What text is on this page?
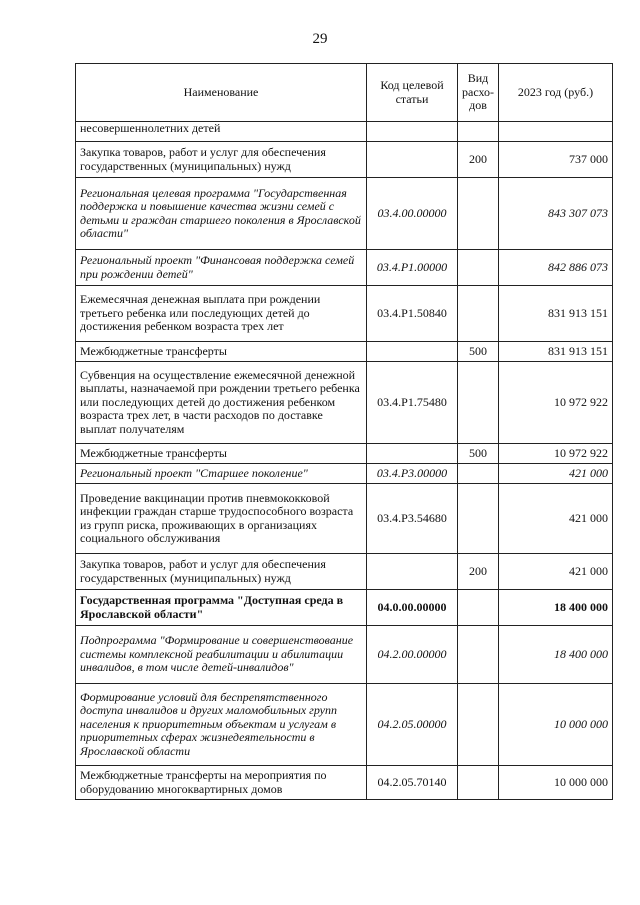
29
Наименование	Код целевой статьи	Вид расхо-дов	2023 год (руб.)
несовершеннолетних детей			
Закупка товаров, работ и услуг для обеспечения государственных (муниципальных) нужд		200	737 000
Региональная целевая программа "Государственная поддержка и повышение качества жизни семей с детьми и граждан старшего поколения в Ярославской области"	03.4.00.00000		843 307 073
Региональный проект "Финансовая поддержка семей при рождении детей"	03.4.P1.00000		842 886 073
Ежемесячная денежная выплата при рождении третьего ребенка или последующих детей до достижения ребенком возраста трех лет	03.4.P1.50840		831 913 151
Межбюджетные трансферты		500	831 913 151
Субвенция на осуществление ежемесячной денежной выплаты, назначаемой при рождении третьего ребенка или последующих детей до достижения ребенком возраста трех лет, в части расходов по доставке выплат получателям	03.4.P1.75480		10 972 922
Межбюджетные трансферты		500	10 972 922
Региональный проект "Старшее поколение"	03.4.P3.00000		421 000
Проведение вакцинации против пневмококковой инфекции граждан старше трудоспособного возраста из групп риска, проживающих в организациях социального обслуживания	03.4.P3.54680		421 000
Закупка товаров, работ и услуг для обеспечения государственных (муниципальных) нужд		200	421 000
Государственная программа "Доступная среда в Ярославской области"	04.0.00.00000		18 400 000
Подпрограмма "Формирование и совершенствование системы комплексной реабилитации и абилитации инвалидов, в том числе детей-инвалидов"	04.2.00.00000		18 400 000
Формирование условий для беспрепятственного доступа инвалидов и других маломобильных групп населения к приоритетным объектам и услугам в приоритетных сферах жизнедеятельности в Ярославской области	04.2.05.00000		10 000 000
Межбюджетные трансферты на мероприятия по оборудованию многоквартирных домов	04.2.05.70140		10 000 000
